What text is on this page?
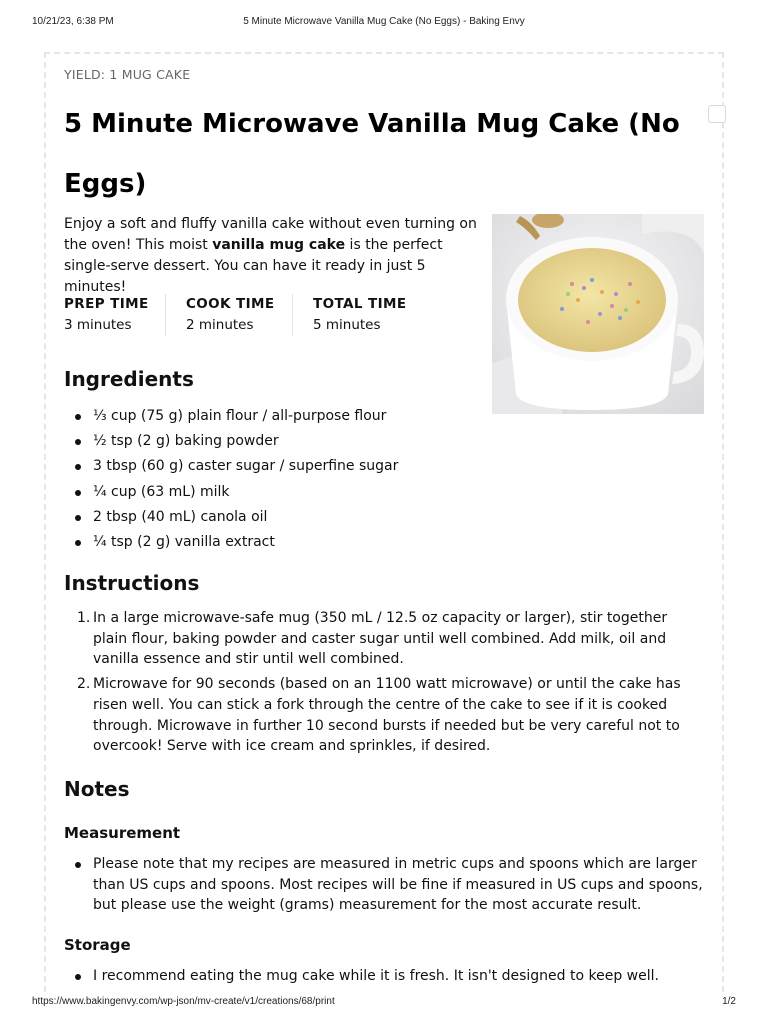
10/21/23, 6:38 PM	5 Minute Microwave Vanilla Mug Cake (No Eggs) - Baking Envy
YIELD: 1 MUG CAKE
5 Minute Microwave Vanilla Mug Cake (No Eggs)

Enjoy a soft and fluffy vanilla cake without even turning on the oven! This moist vanilla mug cake is the perfect single-serve dessert. You can have it ready in just 5 minutes!

PREP TIME
3 minutes
COOK TIME
2 minutes
TOTAL TIME
5 minutes
Ingredients
⅓ cup (75 g) plain flour / all-purpose flour
½ tsp (2 g) baking powder
3 tbsp (60 g) caster sugar / superfine sugar
¼ cup (63 mL) milk
2 tbsp (40 mL) canola oil
¼ tsp (2 g) vanilla extract
Instructions
1. In a large microwave-safe mug (350 mL / 12.5 oz capacity or larger), stir together plain flour, baking powder and caster sugar until well combined. Add milk, oil and vanilla essence and stir until well combined.
2. Microwave for 90 seconds (based on an 1100 watt microwave) or until the cake has risen well. You can stick a fork through the centre of the cake to see if it is cooked through. Microwave in further 10 second bursts if needed but be very careful not to overcook! Serve with ice cream and sprinkles, if desired.
Notes
Measurement
Please note that my recipes are measured in metric cups and spoons which are larger than US cups and spoons. Most recipes will be fine if measured in US cups and spoons, but please use the weight (grams) measurement for the most accurate result.
Storage
I recommend eating the mug cake while it is fresh. It isn't designed to keep well.
https://www.bakingenvy.com/wp-json/mv-create/v1/creations/68/print	1/2
